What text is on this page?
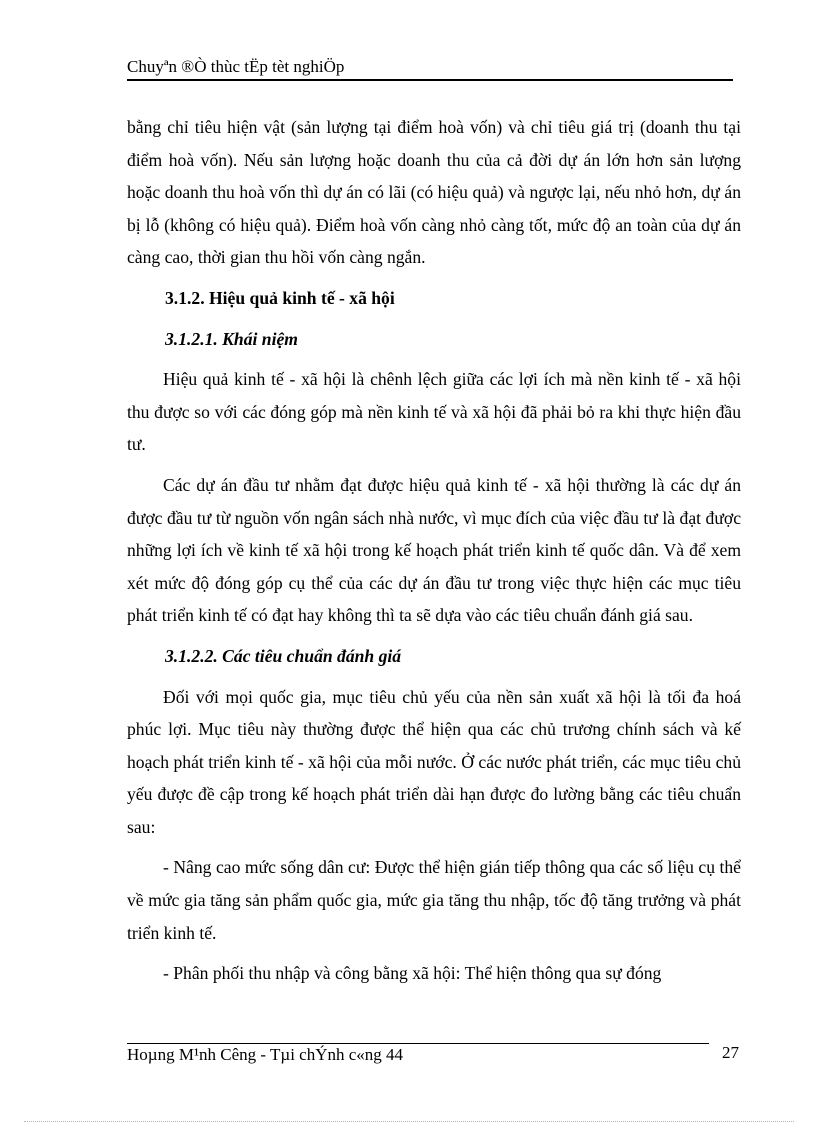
Chuyªn ®Ò thùc tËp tèt nghiÖp

bằng chỉ tiêu hiện vật (sản lượng tại điểm hoà vốn) và chỉ tiêu giá trị (doanh thu tại điểm hoà vốn). Nếu sản lượng hoặc doanh thu của cả đời dự án lớn hơn sản lượng hoặc doanh thu hoà vốn thì dự án có lãi (có hiệu quả) và ngược lại, nếu nhỏ hơn, dự án bị lỗ (không có hiệu quả). Điểm hoà vốn càng nhỏ càng tốt, mức độ an toàn của dự án càng cao, thời gian thu hồi vốn càng ngắn.

3.1.2. Hiệu quả kinh tế - xã hội
3.1.2.1. Khái niệm

Hiệu quả kinh tế - xã hội là chênh lệch giữa các lợi ích mà nền kinh tế - xã hội thu được so với các đóng góp mà nền kinh tế và xã hội đã phải bỏ ra khi thực hiện đầu tư.

Các dự án đầu tư nhằm đạt được hiệu quả kinh tế - xã hội thường là các dự án được đầu tư từ nguồn vốn ngân sách nhà nước, vì mục đích của việc đầu tư là đạt được những lợi ích về kinh tế xã hội trong kế hoạch phát triển kinh tế quốc dân. Và để xem xét mức độ đóng góp cụ thể của các dự án đầu tư trong việc thực hiện các mục tiêu phát triển kinh tế có đạt hay không thì ta sẽ dựa vào các tiêu chuẩn đánh giá sau.

3.1.2.2. Các tiêu chuẩn đánh giá

Đối với mọi quốc gia, mục tiêu chủ yếu của nền sản xuất xã hội là tối đa hoá phúc lợi. Mục tiêu này thường được thể hiện qua các chủ trương chính sách và kế hoạch phát triển kinh tế - xã hội của mỗi nước. Ở các nước phát triển, các mục tiêu chủ yếu được đề cập trong kế hoạch phát triển dài hạn được đo lường bằng các tiêu chuẩn sau:

- Nâng cao mức sống dân cư: Được thể hiện gián tiếp thông qua các số liệu cụ thể về mức gia tăng sản phẩm quốc gia, mức gia tăng thu nhập, tốc độ tăng trưởng và phát triển kinh tế.

- Phân phối thu nhập và công bằng xã hội: Thể hiện thông qua sự đóng

Hoµng M¹nh Cêng - Tµi chÝnh c«ng 44	27
